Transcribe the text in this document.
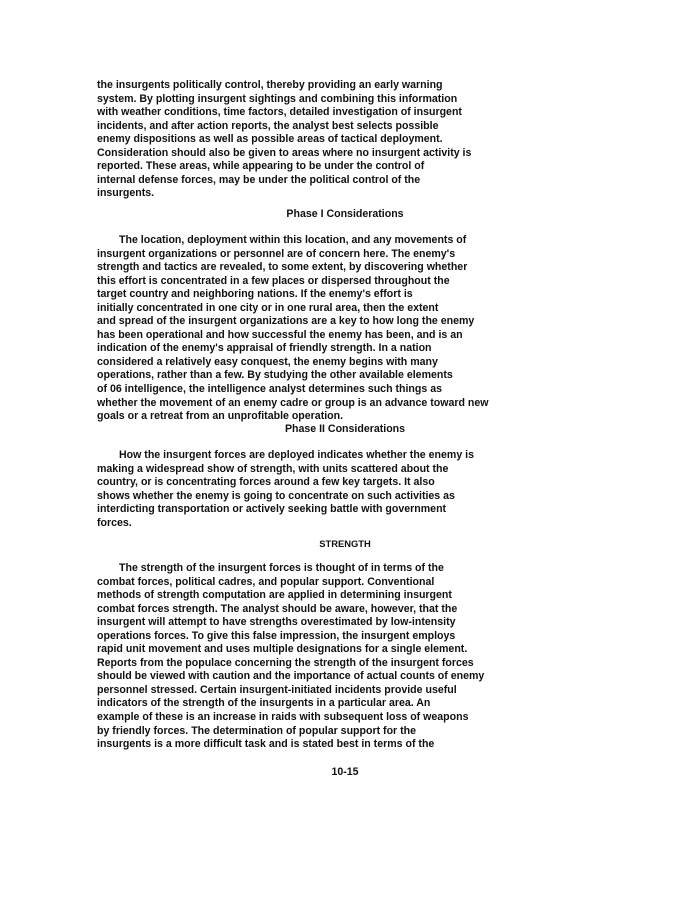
the insurgents politically control, thereby providing an early warning
system. By plotting insurgent sightings and combining this information
with weather conditions, time factors, detailed investigation of insurgent
incidents, and after action reports, the analyst best selects possible
enemy dispositions as well as possible areas of tactical deployment.
Consideration should also be given to areas where no insurgent activity is
reported. These areas, while appearing to be under the control of
internal defense forces, may be under the political control of the
insurgents.
Phase I Considerations
The location, deployment within this location, and any movements of
insurgent organizations or personnel are of concern here. The enemy's
strength and tactics are revealed, to some extent, by discovering whether
this effort is concentrated in a few places or dispersed throughout the
target country and neighboring nations. If the enemy's effort is
initially concentrated in one city or in one rural area, then the extent
and spread of the insurgent organizations are a key to how long the enemy
has been operational and how successful the enemy has been, and is an
indication of the enemy's appraisal of friendly strength. In a nation
considered a relatively easy conquest, the enemy begins with many
operations, rather than a few. By studying the other available elements
of 06 intelligence, the intelligence analyst determines such things as
whether the movement of an enemy cadre or group is an advance toward new
goals or a retreat from an unprofitable operation.
Phase II Considerations
How the insurgent forces are deployed indicates whether the enemy is
making a widespread show of strength, with units scattered about the
country, or is concentrating forces around a few key targets. It also
shows whether the enemy is going to concentrate on such activities as
interdicting transportation or actively seeking battle with government
forces.
STRENGTH
The strength of the insurgent forces is thought of in terms of the
combat forces, political cadres, and popular support. Conventional
methods of strength computation are applied in determining insurgent
combat forces strength. The analyst should be aware, however, that the
insurgent will attempt to have strengths overestimated by low-intensity
operations forces. To give this false impression, the insurgent employs
rapid unit movement and uses multiple designations for a single element.
Reports from the populace concerning the strength of the insurgent forces
should be viewed with caution and the importance of actual counts of enemy
personnel stressed. Certain insurgent-initiated incidents provide useful
indicators of the strength of the insurgents in a particular area. An
example of these is an increase in raids with subsequent loss of weapons
by friendly forces. The determination of popular support for the
insurgents is a more difficult task and is stated best in terms of the
10-15
